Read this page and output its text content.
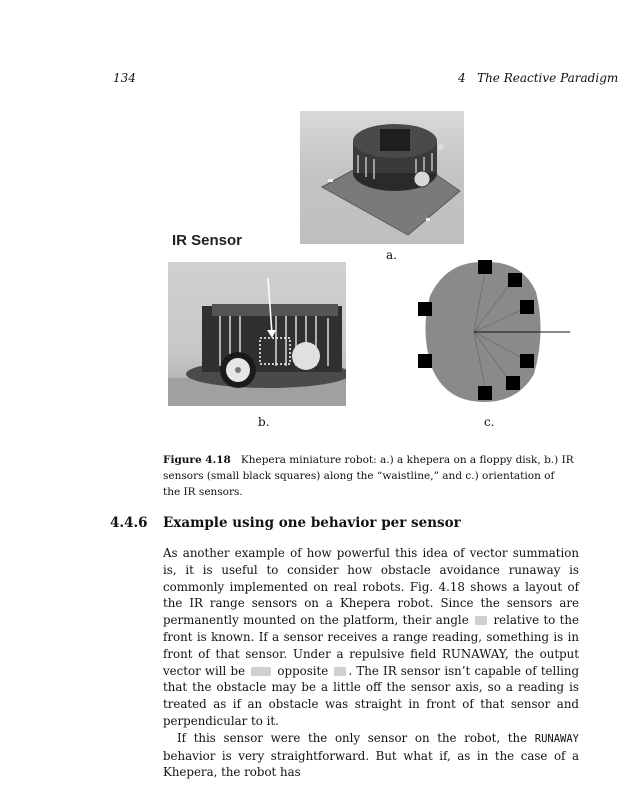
134	4   The Reactive Paradigm
IR Sensor
a.
b.	c.
Figure 4.18 Khepera miniature robot: a.) a khepera on a floppy disk, b.) IR sensors (small black squares) along the “waistline,” and c.) orientation of the IR sensors.
4.4.6 Example using one behavior per sensor

As another example of how powerful this idea of vector summation is, it is useful to consider how obstacle avoidance runaway is commonly implemented on real robots. Fig. 4.18 shows a layout of the IR range sensors on a Khepera robot. Since the sensors are permanently mounted on the platform, their angle relative to the front is known. If a sensor receives a range reading, something is in front of that sensor. Under a repulsive field RUNAWAY, the output vector will be	opposite . The IR sensor isn’t capable of telling that the obstacle may be a little off the sensor axis, so a reading is treated as if an obstacle was straight in front of that sensor and perpendicular to it.

If this sensor were the only sensor on the robot, the RUNAWAY behavior is very straightforward. But what if, as in the case of a Khepera, the robot has
